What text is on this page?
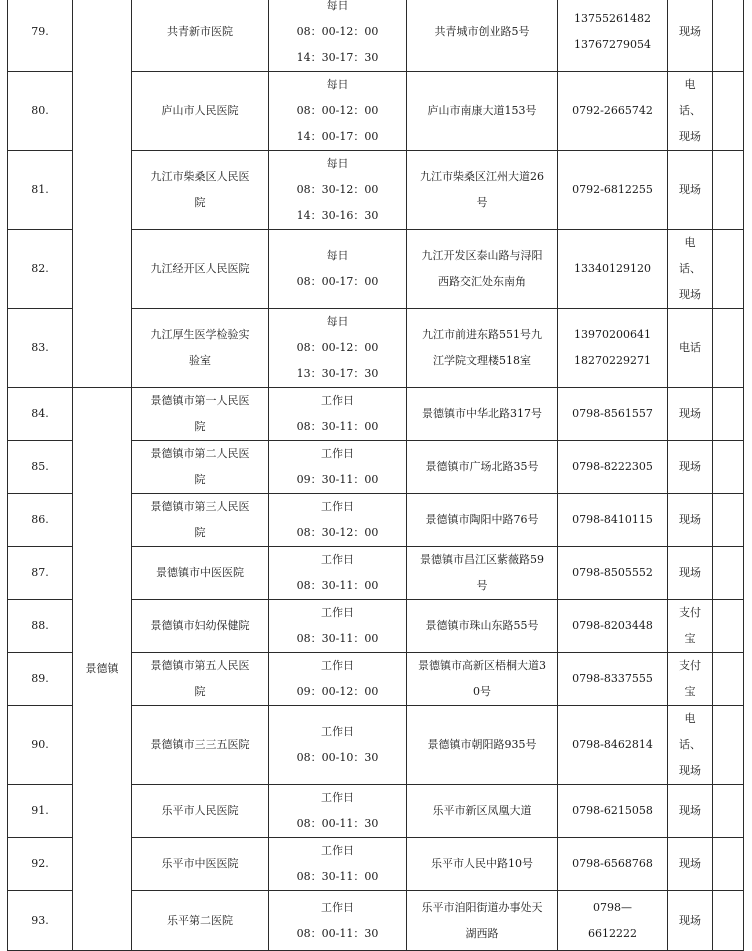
79.		共青新市医院	每日
08：00-12：00
14：30-17：30	共青城市创业路5号	13755261482
13767279054	现场	
80.		庐山市人民医院	每日
08：00-12：00
14：00-17：00	庐山市南康大道153号	0792-2665742	电话、现场	
81.		九江市柴桑区人民医院	每日
08：30-12：00
14：30-16：30	九江市柴桑区江州大道26号	0792-6812255	现场	
82.		九江经开区人民医院	每日
08：00-17：00	九江开发区泰山路与浔阳西路交汇处东南角	13340129120	电话、现场	
83.		九江厚生医学检验实验室	每日
08：00-12：00
13：30-17：30	九江市前进东路551号九江学院文理楼518室	13970200641
18270229271	电话	
84.	景德镇	景德镇市第一人民医院	工作日
08：30-11：00	景德镇市中华北路317号	0798-8561557	现场	
85.		景德镇市第二人民医院	工作日
09：30-11：00	景德镇市广场北路35号	0798-8222305	现场	
86.		景德镇市第三人民医院	工作日
08：30-12：00	景德镇市陶阳中路76号	0798-8410115	现场	
87.		景德镇市中医医院	工作日
08：30-11：00	景德镇市昌江区紫薇路59号	0798-8505552	现场	
88.		景德镇市妇幼保健院	工作日
08：30-11：00	景德镇市珠山东路55号	0798-8203448	支付宝	
89.		景德镇市第五人民医院	工作日
09：00-12：00	景德镇市高新区梧桐大道30号	0798-8337555	支付宝	
90.		景德镇市三三五医院	工作日
08：00-10：30	景德镇市朝阳路935号	0798-8462814	电话、现场	
91.		乐平市人民医院	工作日
08：00-11：30	乐平市新区凤凰大道	0798-6215058	现场	
92.		乐平市中医医院	工作日
08：30-11：00	乐平市人民中路10号	0798-6568768	现场	
93.		乐平第二医院	工作日
08：00-11：30	乐平市洎阳街道办事处天湖西路	0798—
6612222	现场	
